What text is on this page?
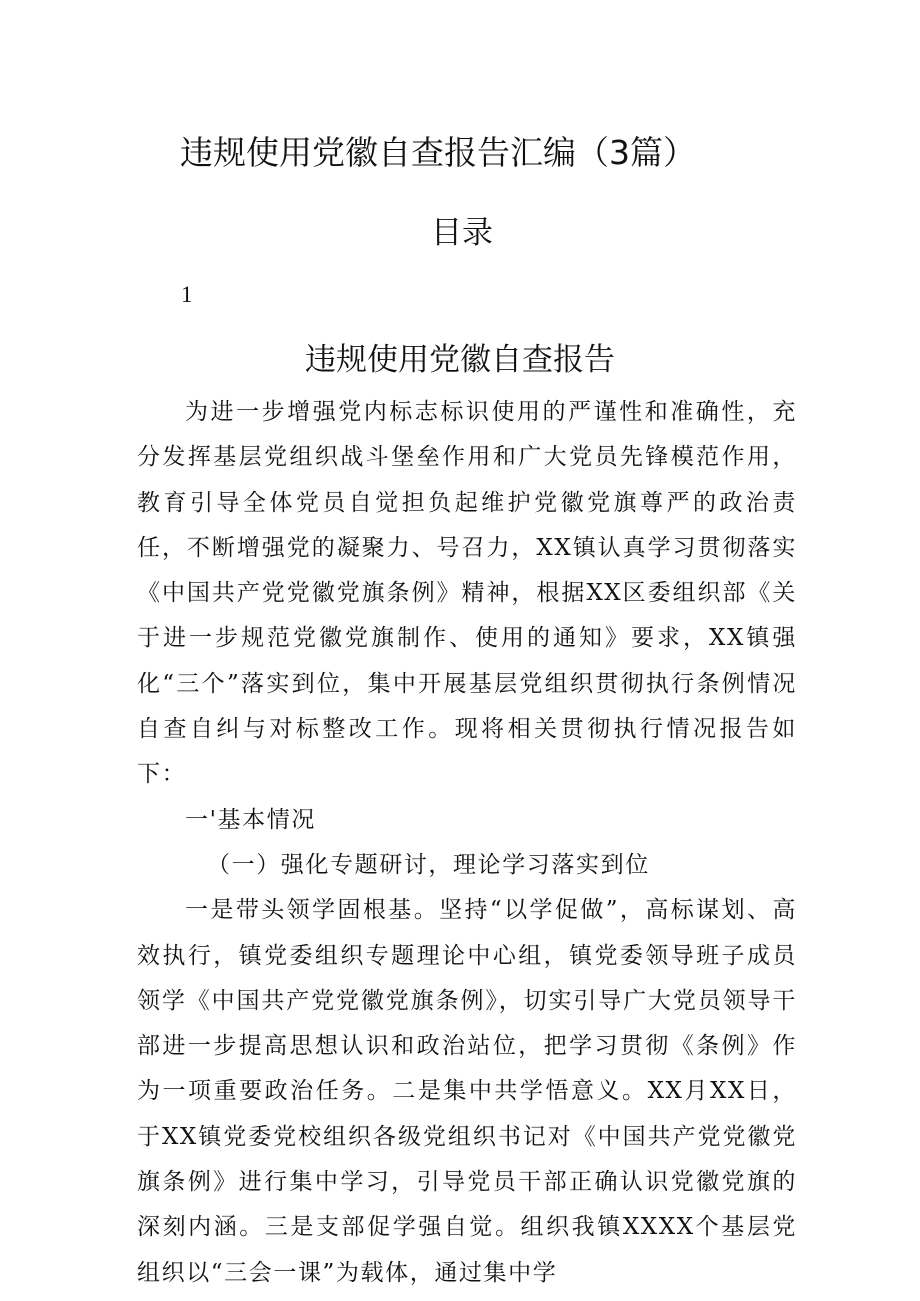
违规使用党徽自查报告汇编（3篇）
目录
1
违规使用党徽自查报告

为进一步增强党内标志标识使用的严谨性和准确性，充分发挥基层党组织战斗堡垒作用和广大党员先锋模范作用，教育引导全体党员自觉担负起维护党徽党旗尊严的政治责任，不断增强党的凝聚力、号召力，XX镇认真学习贯彻落实《中国共产党党徽党旗条例》精神，根据XX区委组织部《关于进一步规范党徽党旗制作、使用的通知》要求，XX镇强化“三个”落实到位，集中开展基层党组织贯彻执行条例情况自查自纠与对标整改工作。现将相关贯彻执行情况报告如下：

一'基本情况

（一）强化专题研讨，理论学习落实到位

一是带头领学固根基。坚持“以学促做”，高标谋划、高效执行，镇党委组织专题理论中心组，镇党委领导班子成员领学《中国共产党党徽党旗条例》，切实引导广大党员领导干部进一步提高思想认识和政治站位，把学习贯彻《条例》作为一项重要政治任务。二是集中共学悟意义。XX月XX日，于XX镇党委党校组织各级党组织书记对《中国共产党党徽党旗条例》进行集中学习，引导党员干部正确认识党徽党旗的深刻内涵。三是支部促学强自觉。组织我镇XXXX个基层党组织以“三会一课”为载体，通过集中学
